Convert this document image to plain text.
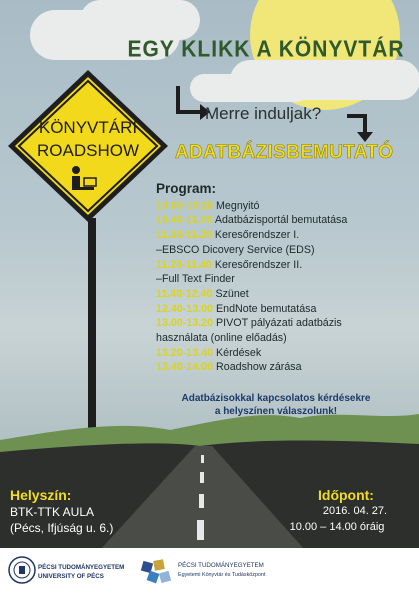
EGY KLIKK A KÖNYVTÁR
Merre induljak?
ADATBÁZISBEMUTATÓ
KÖNYVTÁRI
ROADSHOW
Program:
10.00-10.20 Megnyitó
10.40-11.00 Adatbázisportál bemutatása
11.00-11.20 Keresőrendszer I.
–EBSCO Dicovery Service (EDS)
11.20-11.40 Keresőrendszer II.
–Full Text Finder
11.40-12.40 Szünet
12.40-13.00 EndNote bemutatása
13.00-13.20 PIVOT pályázati adatbázis
használata (online előadás)
13.20-13.40 Kérdések
13.40-14.00 Roadshow zárása
Adatbázisokkal kapcsolatos kérdésekre
a helyszínen válaszolunk!
Helyszín:
BTK-TTK AULA
(Pécs, Ifjúság u. 6.)
Időpont:
2016. 04. 27.
10.00 – 14.00 óráig
PÉCSI TUDOMÁNYEGYETEM
UNIVERSITY OF PÉCS
PÉCSI TUDOMÁNYEGYETEM
Egyetemi Könyvtár és Tudásközpont
